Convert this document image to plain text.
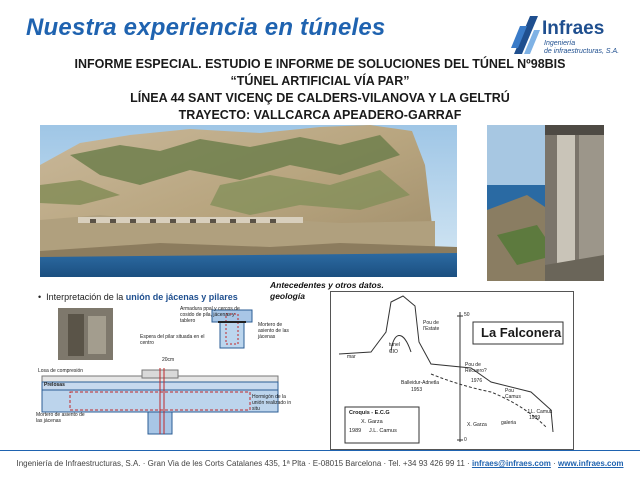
Nuestra experiencia en túneles	Infraes
Ingeniería
de infraestructuras, S.A.
INFORME ESPECIAL. ESTUDIO E INFORME DE SOLUCIONES DEL TÚNEL Nº98BIS
“TÚNEL ARTIFICIAL VÍA PAR”
LÍNEA 44 SANT VICENÇ DE CALDERS-VILANOVA Y LA GELTRÚ
TRAYECTO: VALLCARCA APEADERO-GARRAF
• Interpretación de la unión de jácenas y pilares
Armadura ppal y cercos de cosido de pila, jácenas y tablero
Espera del pilar situada en el centro
Mortero de asiento de las jácenas
20cm
Losa de compresión
Prelosas
Hormigón de la unión realizado in situ
Mortero de asiento de las jácenas
Antecedentes y otros datos.
geología
La Falconera
Pou de l'Estate
tunel
CIO
mar
Balleidur-Adnetla
1953
Pou de Recuero?
1976
Pou Camus
J.L. Camus
1989
X. Garza	galeria
Croquis - E.C.G
X. Garza
1989 J.L. Camus
50
0
Ingeniería de Infraestructuras, S.A. · Gran Via de les Corts Catalanes 435, 1ª Plta · E-08015 Barcelona · Tel. +34 93 426 99 11 · infraes@infraes.com · www.infraes.com
